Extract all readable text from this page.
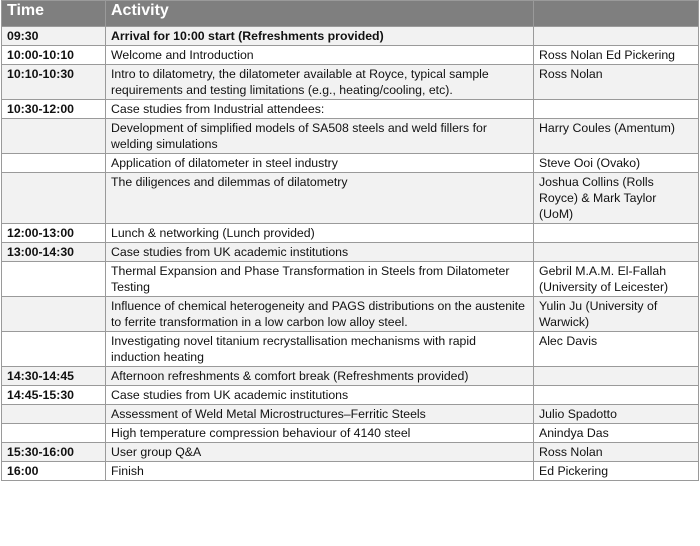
Time	Activity	
09:30	Arrival for 10:00 start (Refreshments provided)	
10:00-10:10	Welcome and Introduction	Ross Nolan Ed Pickering
10:10-10:30	Intro to dilatometry, the dilatometer available at Royce, typical sample requirements and testing limitations (e.g., heating/cooling, etc).	Ross Nolan
10:30-12:00	Case studies from Industrial attendees:	
	Development of simplified models of SA508 steels and weld fillers for welding simulations	Harry Coules (Amentum)
	Application of dilatometer in steel industry	Steve Ooi (Ovako)
	The diligences and dilemmas of dilatometry	Joshua Collins (Rolls Royce) & Mark Taylor (UoM)
12:00-13:00	Lunch & networking (Lunch provided)	
13:00-14:30	Case studies from UK academic institutions	
	Thermal Expansion and Phase Transformation in Steels from Dilatometer Testing	Gebril M.A.M. El-Fallah (University of Leicester)
	Influence of chemical heterogeneity and PAGS distributions on the austenite to ferrite transformation in a low carbon low alloy steel.	Yulin Ju (University of Warwick)
	Investigating novel titanium recrystallisation mechanisms with rapid induction heating	Alec Davis
14:30-14:45	Afternoon refreshments & comfort break (Refreshments provided)	
14:45-15:30	Case studies from UK academic institutions	
	Assessment of Weld Metal Microstructures–Ferritic Steels	Julio Spadotto
	High temperature compression behaviour of 4140 steel	Anindya Das
15:30-16:00	User group Q&A	Ross Nolan
16:00	Finish	Ed Pickering
